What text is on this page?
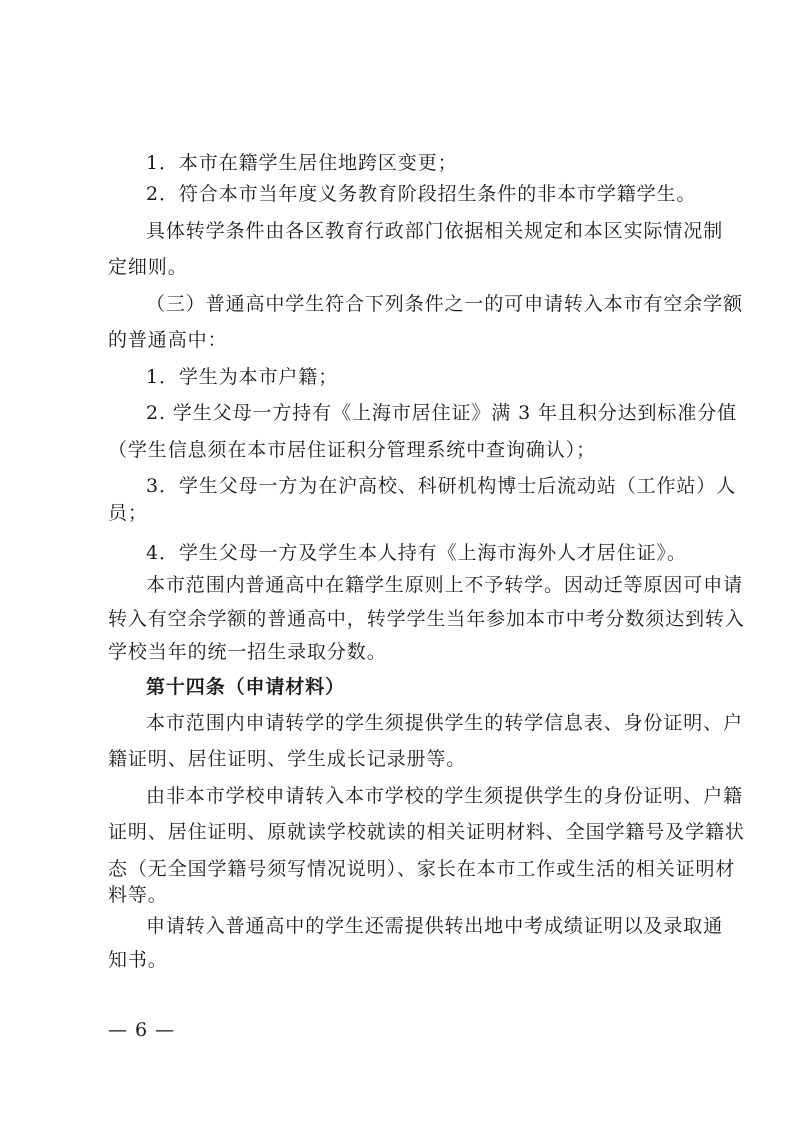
1．本市在籍学生居住地跨区变更；
2．符合本市当年度义务教育阶段招生条件的非本市学籍学生。
具体转学条件由各区教育行政部门依据相关规定和本区实际情况制
定细则。
（三）普通高中学生符合下列条件之一的可申请转入本市有空余学额
的普通高中：
1．学生为本市户籍；
2. 学生父母一方持有《上海市居住证》满 3 年且积分达到标准分值
（学生信息须在本市居住证积分管理系统中查询确认）；
3．学生父母一方为在沪高校、科研机构博士后流动站（工作站）人
员；
4．学生父母一方及学生本人持有《上海市海外人才居住证》。
本市范围内普通高中在籍学生原则上不予转学。因动迁等原因可申请
转入有空余学额的普通高中，转学学生当年参加本市中考分数须达到转入
学校当年的统一招生录取分数。
第十四条（申请材料）
本市范围内申请转学的学生须提供学生的转学信息表、身份证明、户
籍证明、居住证明、学生成长记录册等。
由非本市学校申请转入本市学校的学生须提供学生的身份证明、户籍
证明、居住证明、原就读学校就读的相关证明材料、全国学籍号及学籍状
态（无全国学籍号须写情况说明）、家长在本市工作或生活的相关证明材
料等。
申请转入普通高中的学生还需提供转出地中考成绩证明以及录取通
知书。
— 6 —
